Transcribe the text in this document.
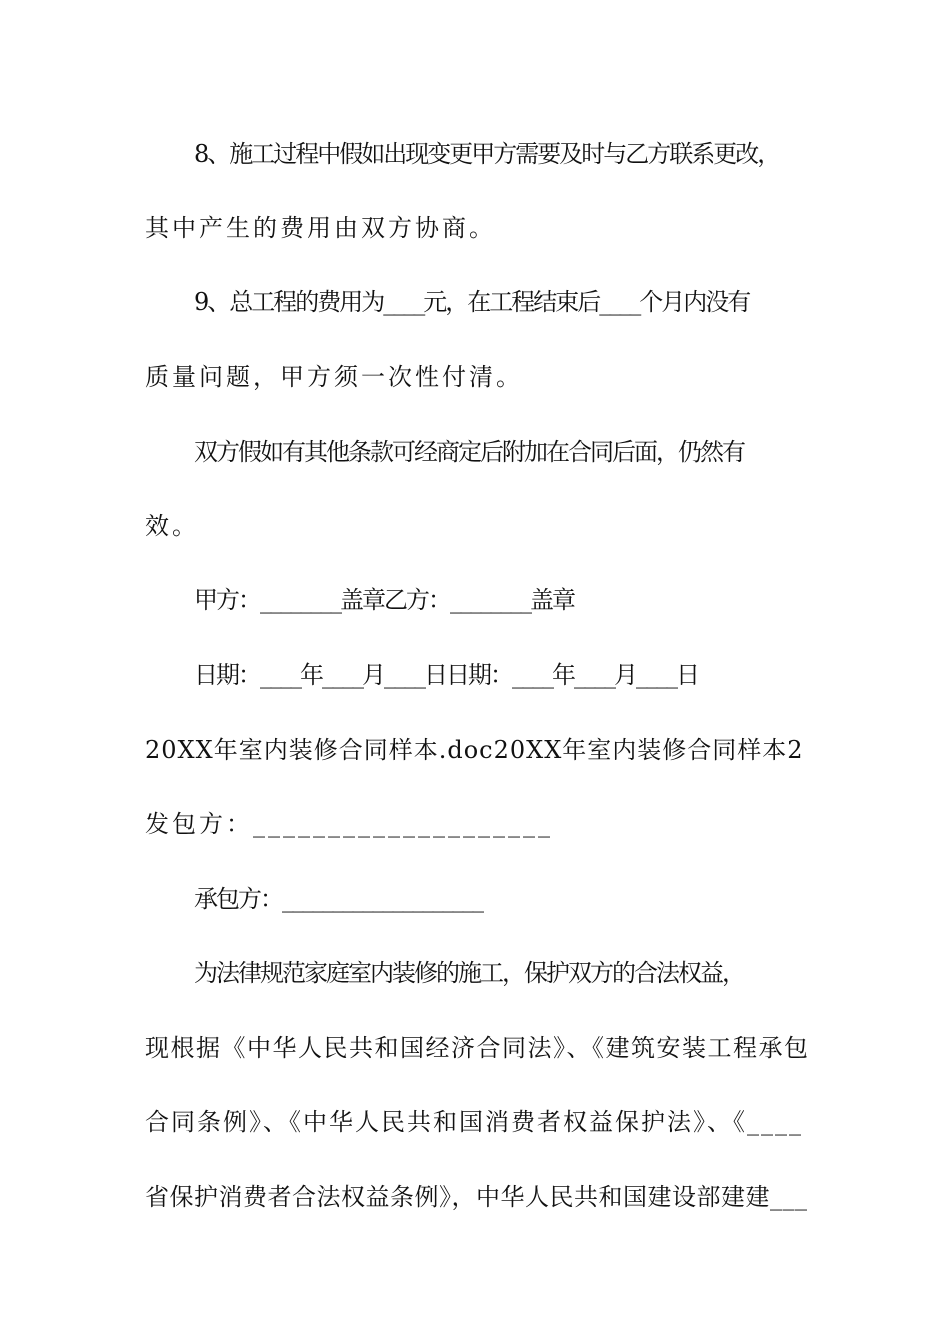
8、施工过程中假如出现变更甲方需要及时与乙方联系更改，
其中产生的费用由双方协商。
9、总工程的费用为____元，在工程结束后____个月内没有
质量问题，甲方须一次性付清。
双方假如有其他条款可经商定后附加在合同后面，仍然有
效。
甲方：________盖章乙方：________盖章
日期：____年____月____日日期：____年____月____日
20XX年室内装修合同样本.doc20XX年室内装修合同样本2
发包方：____________________
承包方：____________________
为法律规范家庭室内装修的施工，保护双方的合法权益，
现根据《中华人民共和国经济合同法》、《建筑安装工程承包
合同条例》、《中华人民共和国消费者权益保护法》、《____
省保护消费者合法权益条例》，中华人民共和国建设部建建___
